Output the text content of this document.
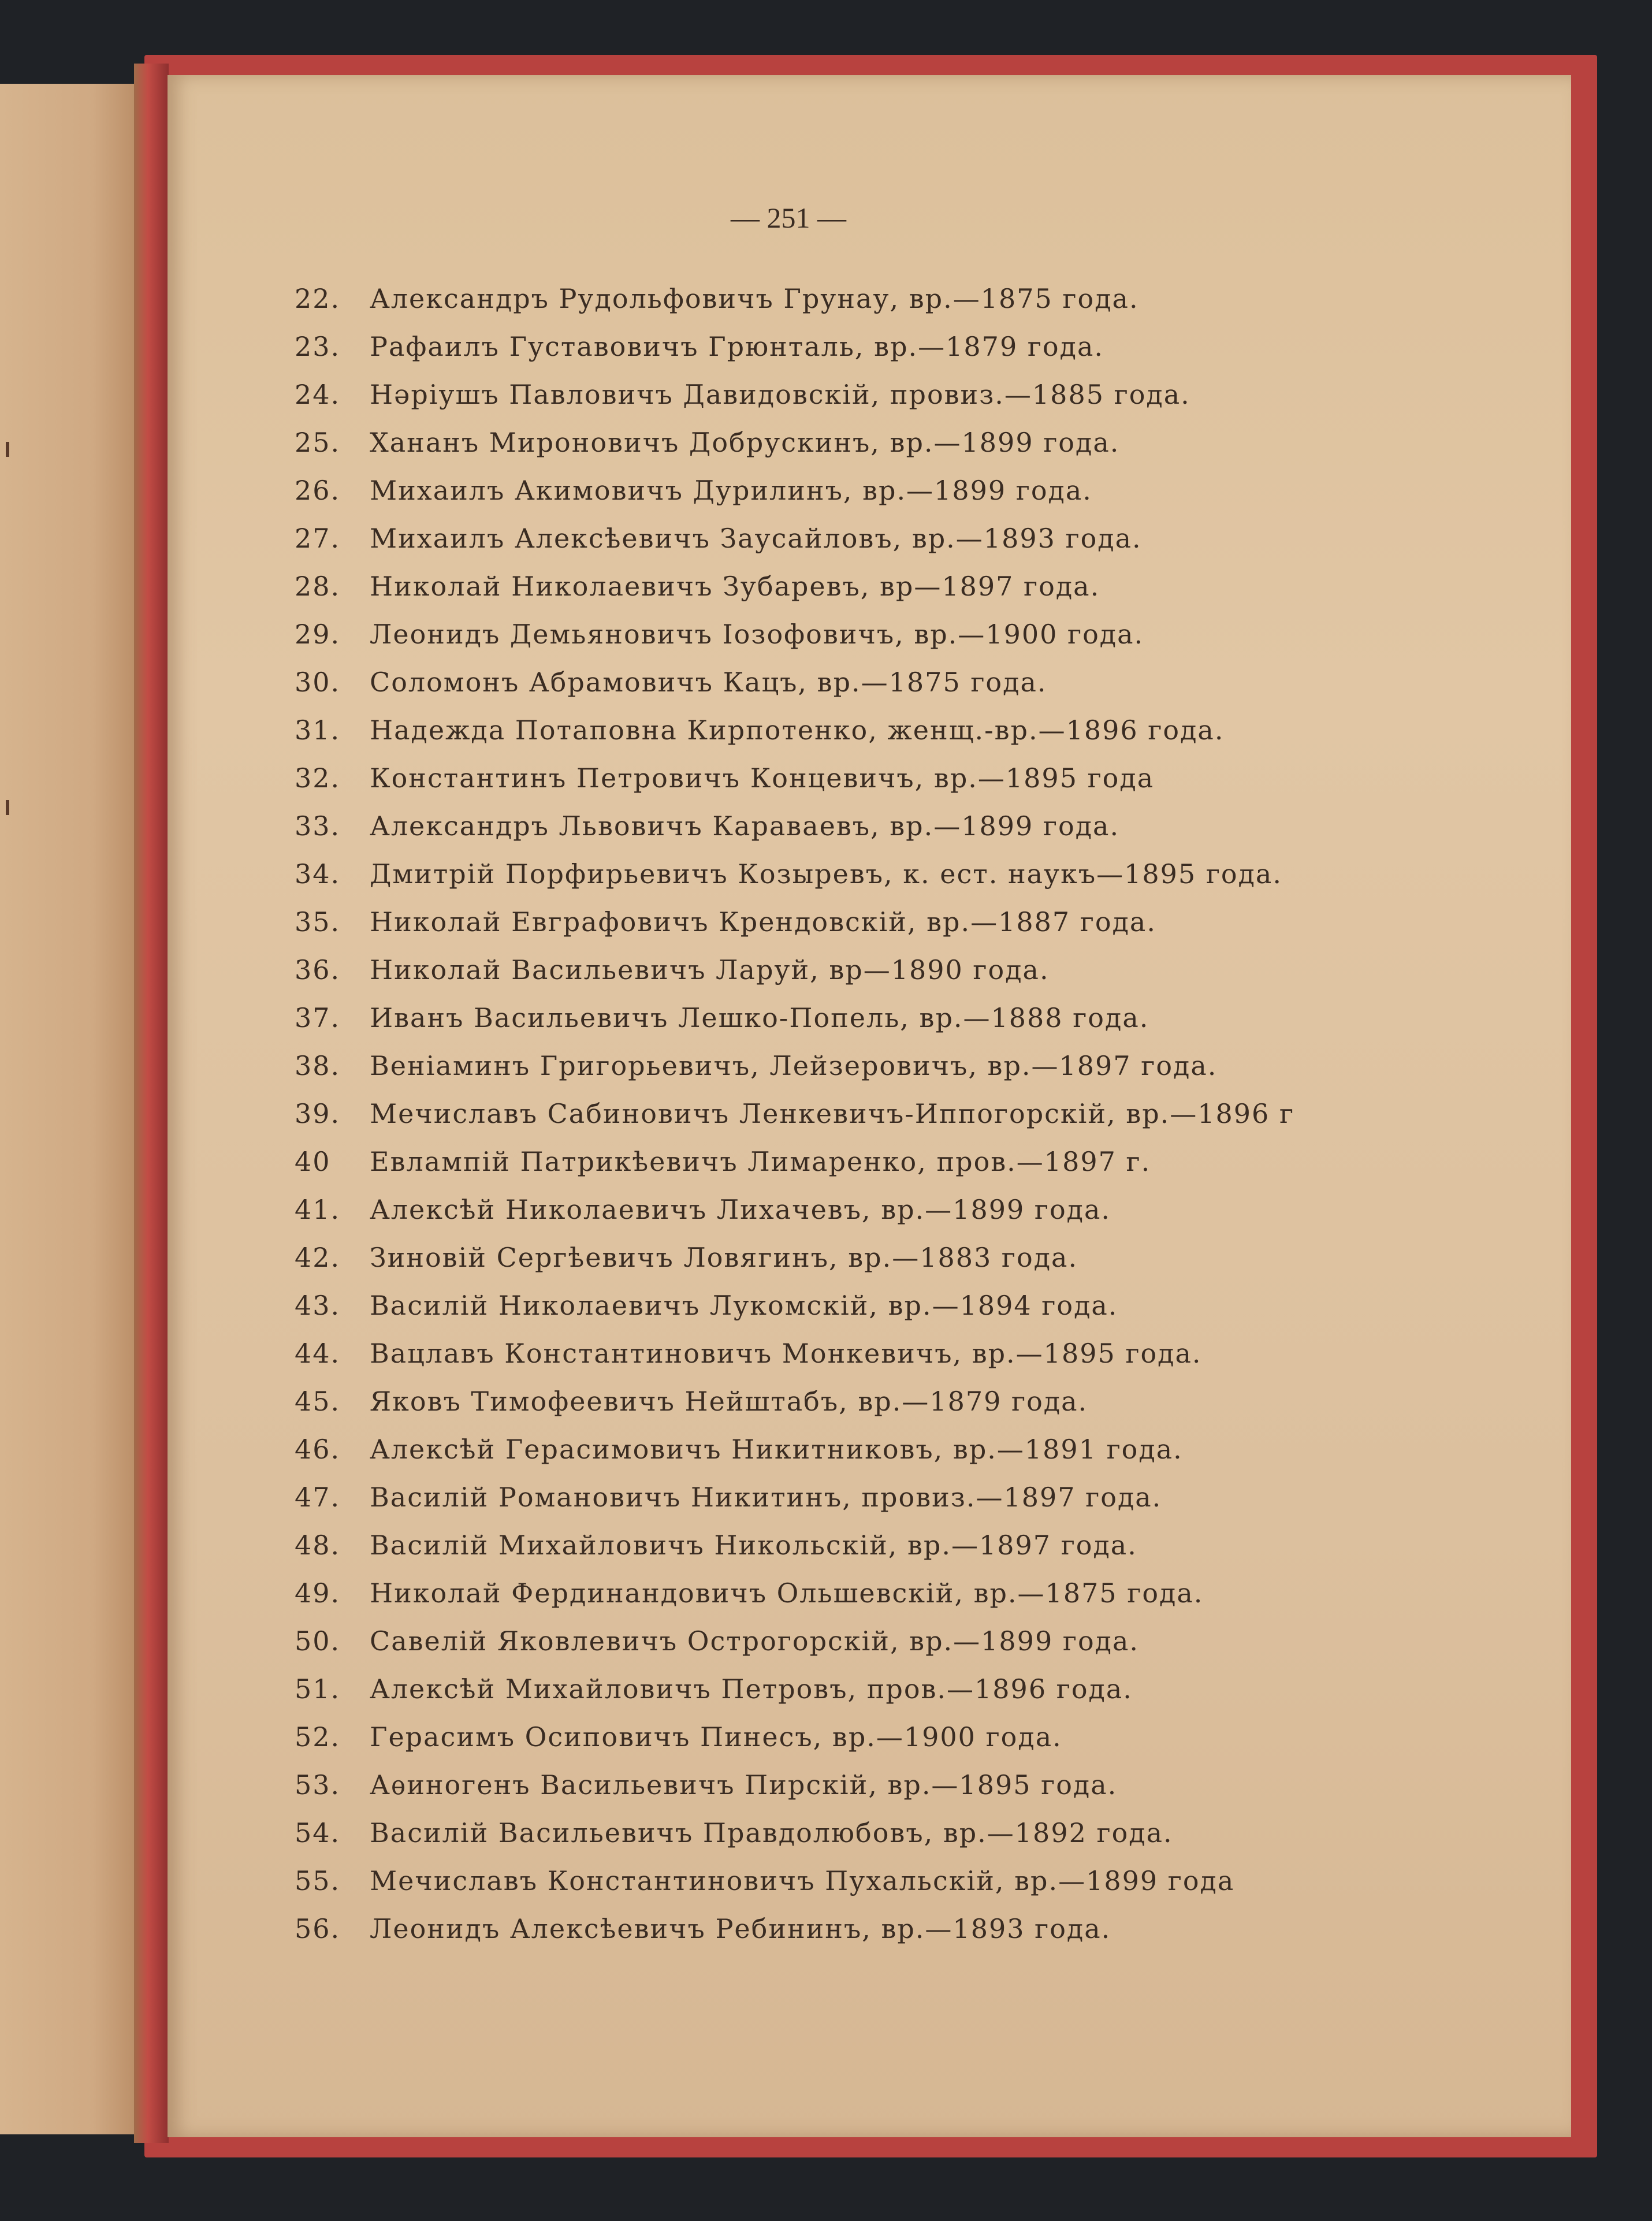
— 251 —
22.	Александръ Рудольфовичъ Грунау, вр.—1875 года.
23.	Рафаилъ Густавовичъ Грюнталь, вр.—1879 года.
24.	Нәріушъ Павловичъ Давидовскій, провиз.—1885 года.
25.	Хананъ Мироновичъ Добрускинъ, вр.—1899 года.
26.	Михаилъ Акимовичъ Дурилинъ, вр.—1899 года.
27.	Михаилъ Алексѣевичъ Заусайловъ, вр.—1893 года.
28.	Николай Николаевичъ Зубаревъ, вр—1897 года.
29.	Леонидъ Демьяновичъ Іозофовичъ, вр.—1900 года.
30.	Соломонъ Абрамовичъ Кацъ, вр.—1875 года.
31.	Надежда Потаповна Кирпотенко, женщ.-вр.—1896 года.
32.	Константинъ Петровичъ Концевичъ, вр.—1895 года
33.	Александръ Львовичъ Караваевъ, вр.—1899 года.
34.	Дмитрій Порфирьевичъ Козыревъ, к. ест. наукъ—1895 года.
35.	Николай Евграфовичъ Крендовскій, вр.—1887 года.
36.	Николай Васильевичъ Ларуй, вр—1890 года.
37.	Иванъ Васильевичъ Лешко-Попель, вр.—1888 года.
38.	Веніаминъ Григорьевичъ, Лейзеровичъ, вр.—1897 года.
39.	Мечиславъ Сабиновичъ Ленкевичъ-Иппогорскій, вр.—1896 г
40	Евлампій Патрикѣевичъ Лимаренко, пров.—1897 г.
41.	Алексѣй Николаевичъ Лихачевъ, вр.—1899 года.
42.	Зиновій Сергѣевичъ Ловягинъ, вр.—1883 года.
43.	Василій Николаевичъ Лукомскій, вр.—1894 года.
44.	Вацлавъ Константиновичъ Монкевичъ, вр.—1895 года.
45.	Яковъ Тимофеевичъ Нейштабъ, вр.—1879 года.
46.	Алексѣй Герасимовичъ Никитниковъ, вр.—1891 года.
47.	Василій Романовичъ Никитинъ, провиз.—1897 года.
48.	Василій Михайловичъ Никольскій, вр.—1897 года.
49.	Николай Фердинандовичъ Ольшевскій, вр.—1875 года.
50.	Савелій Яковлевичъ Острогорскій, вр.—1899 года.
51.	Алексѣй Михайловичъ Петровъ, пров.—1896 года.
52.	Герасимъ Осиповичъ Пинесъ, вр.—1900 года.
53.	Аѳиногенъ Васильевичъ Пирскій, вр.—1895 года.
54.	Василій Васильевичъ Правдолюбовъ, вр.—1892 года.
55.	Мечиславъ Константиновичъ Пухальскій, вр.—1899 года
56.	Леонидъ Алексѣевичъ Ребининъ, вр.—1893 года.
